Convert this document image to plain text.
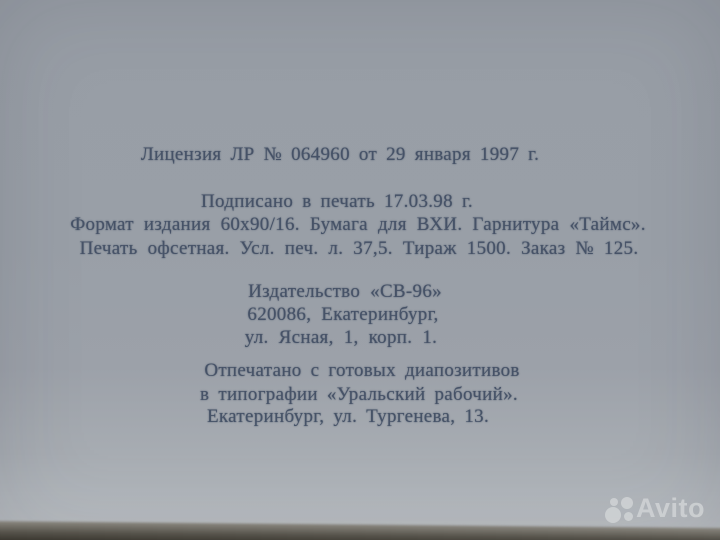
Лицензия ЛР № 064960 от 29 января 1997 г.
Подписано в печать 17.03.98 г.
Формат издания 60х90/16. Бумага для ВХИ. Гарнитура «Таймс».
Печать офсетная. Усл. печ. л. 37,5. Тираж 1500. Заказ № 125.
Издательство «СВ-96»
620086, Екатеринбург,
ул. Ясная, 1, корп. 1.
Отпечатано с готовых диапозитивов
в типографии «Уральский рабочий».
Екатеринбург, ул. Тургенева, 13.
Avito
